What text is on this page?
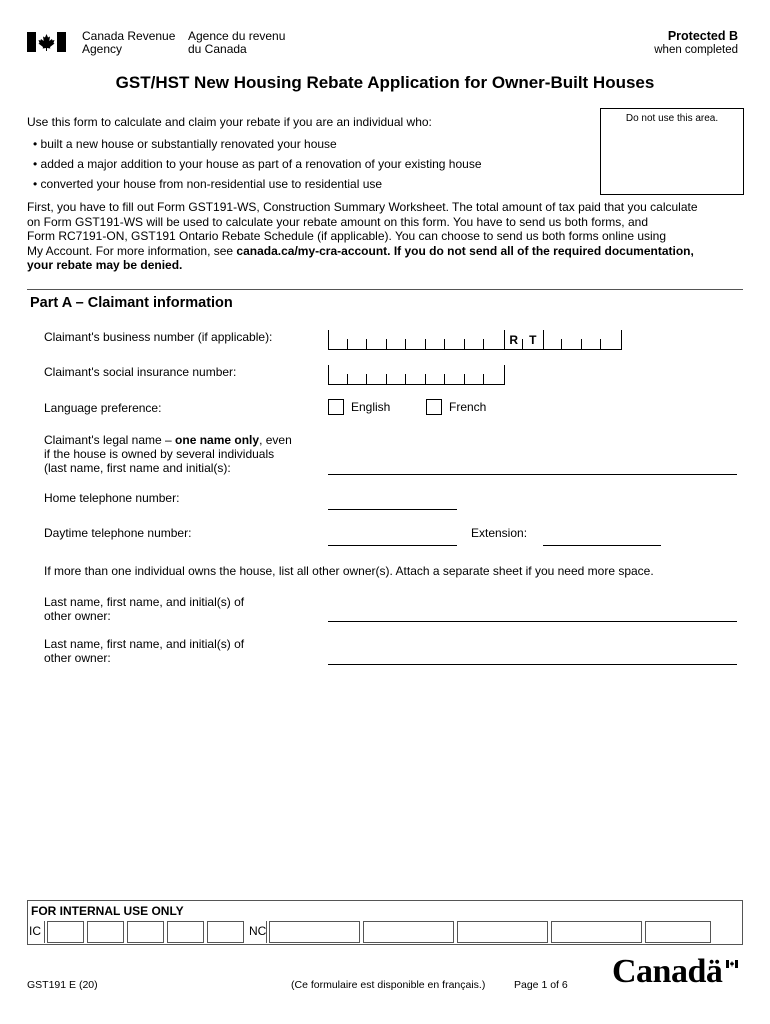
Canada Revenue
Agency
Agence du revenu
du Canada
Protected B
when completed
GST/HST New Housing Rebate Application for Owner-Built Houses
Do not use this area.
Use this form to calculate and claim your rebate if you are an individual who:
• built a new house or substantially renovated your house
• added a major addition to your house as part of a renovation of your existing house
• converted your house from non-residential use to residential use
First, you have to fill out Form GST191-WS, Construction Summary Worksheet. The total amount of tax paid that you calculate
on Form GST191-WS will be used to calculate your rebate amount on this form. You have to send us both forms, and
Form RC7191-ON, GST191 Ontario Rebate Schedule (if applicable). You can choose to send us both forms online using
My Account. For more information, see canada.ca/my-cra-account. If you do not send all of the required documentation,
your rebate may be denied.
Part A – Claimant information
Claimant's business number (if applicable):	R T
Claimant's social insurance number:
Language preference:	English	French
Claimant's legal name – one name only, even
if the house is owned by several individuals
(last name, first name and initial(s):
Home telephone number:
Daytime telephone number:	Extension:
If more than one individual owns the house, list all other owner(s). Attach a separate sheet if you need more space.
Last name, first name, and initial(s) of
other owner:
Last name, first name, and initial(s) of
other owner:
FOR INTERNAL USE ONLY
IC	NC
GST191 E (20)	(Ce formulaire est disponible en français.)	Page 1 of 6 Canadä
